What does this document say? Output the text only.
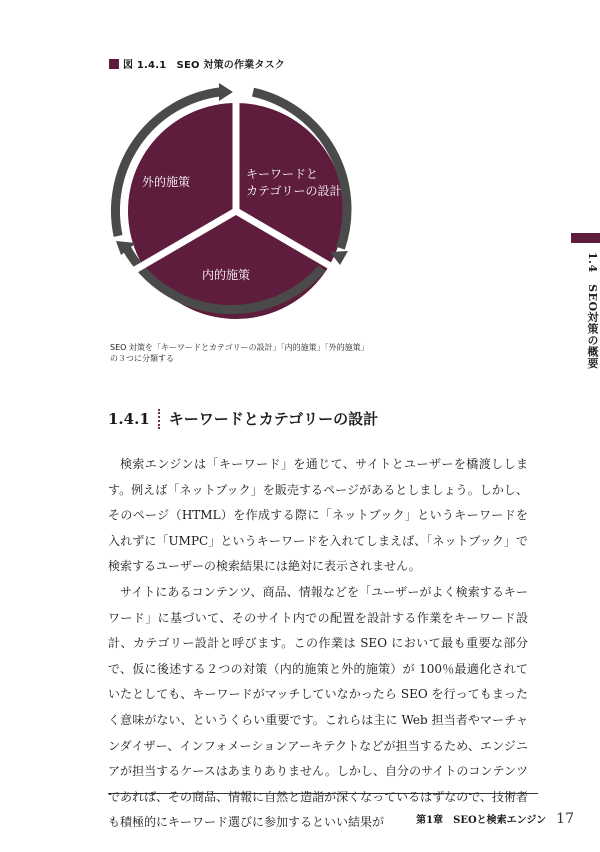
図 1.4.1　SEO 対策の作業タスク
外的施策
キーワードと
カテゴリーの設計
内的施策
SEO 対策を「キーワードとカテゴリーの設計」「内的施策」「外的施策」
の３つに分類する	1.4　SEO対策の概要
1.4.1 キーワードとカテゴリーの設計

検索エンジンは「キーワード」を通じて、サイトとユーザーを橋渡しします。例えば「ネットブック」を販売するページがあるとしましょう。しかし、そのページ（HTML）を作成する際に「ネットブック」というキーワードを入れずに「UMPC」というキーワードを入れてしまえば、「ネットブック」で検索するユーザーの検索結果には絶対に表示されません。

サイトにあるコンテンツ、商品、情報などを「ユーザーがよく検索するキーワード」に基づいて、そのサイト内での配置を設計する作業をキーワード設計、カテゴリー設計と呼びます。この作業は SEO において最も重要な部分で、仮に後述する２つの対策（内的施策と外的施策）が 100％最適化されていたとしても、キーワードがマッチしていなかったら SEO を行ってもまったく意味がない、というくらい重要です。これらは主に Web 担当者やマーチャンダイザー、インフォメーションアーキテクトなどが担当するため、エンジニアが担当するケースはあまりありません。しかし、自分のサイトのコンテンツであれば、その商品、情報に自然と造詣が深くなっているはずなので、技術者も積極的にキーワード選びに参加するといい結果が	第1章　SEOと検索エンジン 17
